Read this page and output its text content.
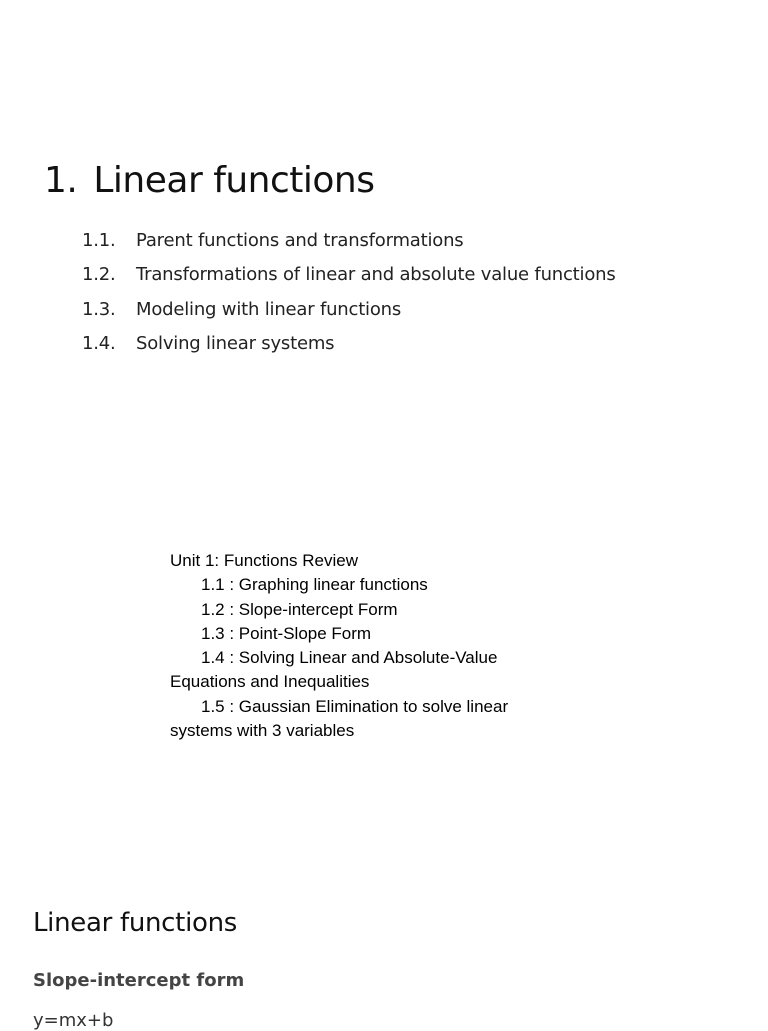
1. Linear functions
1.1. Parent functions and transformations
1.2. Transformations of linear and absolute value functions
1.3. Modeling with linear functions
1.4. Solving linear systems
Unit 1: Functions Review
1.1 : Graphing linear functions
1.2 : Slope-intercept Form
1.3 : Point-Slope Form
1.4 : Solving Linear and Absolute-Value
Equations and Inequalities
1.5 : Gaussian Elimination to solve linear
systems with 3 variables
Linear functions
Slope-intercept form
y=mx+b
